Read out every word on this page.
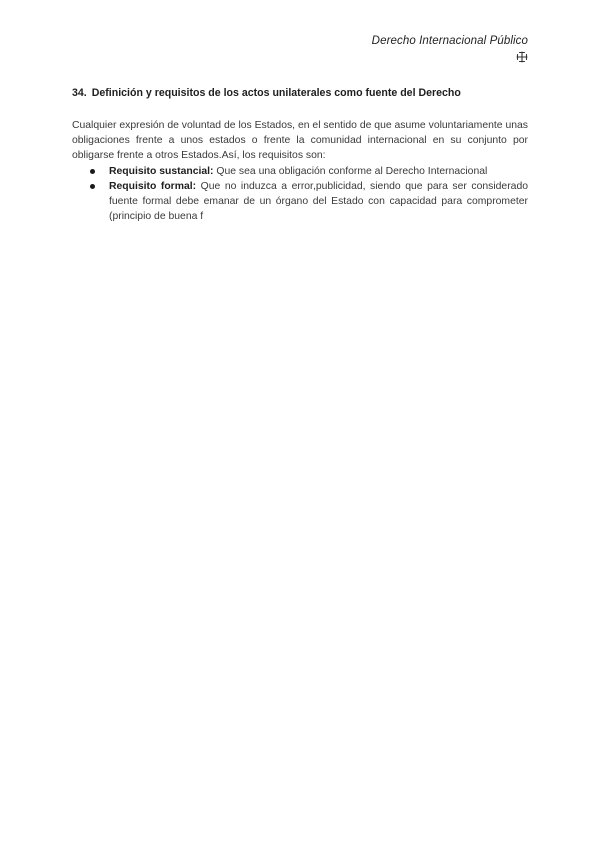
Derecho Internacional Público
34. Definición y requisitos de los actos unilaterales como fuente del Derecho

Cualquier expresión de voluntad de los Estados, en el sentido de que asume voluntariamente unas obligaciones frente a unos estados o frente la comunidad internacional en su conjunto por obligarse frente a otros Estados.Así, los requisitos son:

Requisito sustancial: Que sea una obligación conforme al Derecho Internacional
Requisito formal: Que no induzca a error,publicidad, siendo que para ser considerado fuente formal debe emanar de un órgano del Estado con capacidad para comprometer (principio de buena f
